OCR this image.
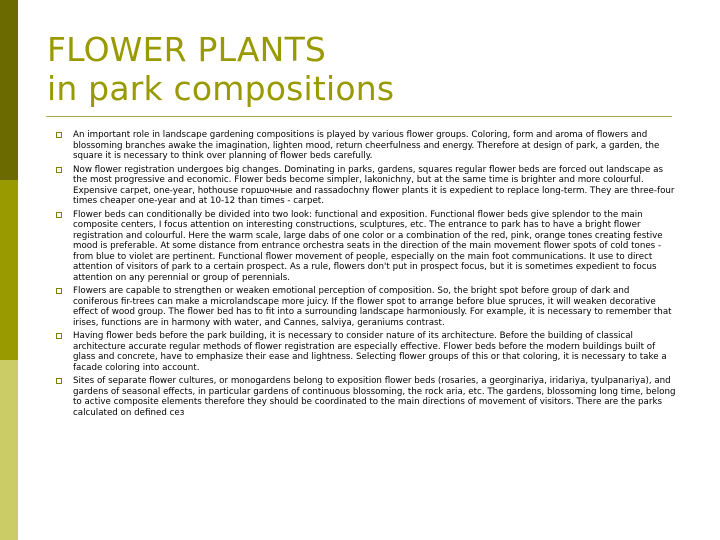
FLOWER PLANTS
in park compositions
An important role in landscape gardening compositions is played by various flower groups. Coloring, form and aroma of flowers and blossoming branches awake the imagination, lighten mood, return cheerfulness and energy. Therefore at design of park, a garden, the square it is necessary to think over planning of flower beds carefully.
Now flower registration undergoes big changes. Dominating in parks, gardens, squares regular flower beds are forced out landscape as the most progressive and economic. Flower beds become simpler, lakonichny, but at the same time is brighter and more colourful. Expensive carpet, one-year, hothouse горшочные and rassadochny flower plants it is expedient to replace long-term. They are three-four times cheaper one-year and at 10-12 than times - carpet.
Flower beds can conditionally be divided into two look: functional and exposition. Functional flower beds give splendor to the main composite centers, I focus attention on interesting constructions, sculptures, etc. The entrance to park has to have a bright flower registration and colourful. Here the warm scale, large dabs of one color or a combination of the red, pink, orange tones creating festive mood is preferable. At some distance from entrance orchestra seats in the direction of the main movement flower spots of cold tones - from blue to violet are pertinent. Functional flower movement of people, especially on the main foot communications. It use to direct attention of visitors of park to a certain prospect. As a rule, flowers don't put in prospect focus, but it is sometimes expedient to focus attention on any perennial or group of perennials.
Flowers are capable to strengthen or weaken emotional perception of composition. So, the bright spot before group of dark and coniferous fir-trees can make a microlandscape more juicy. If the flower spot to arrange before blue spruces, it will weaken decorative effect of wood group. The flower bed has to fit into a surrounding landscape harmoniously. For example, it is necessary to remember that irises, functions are in harmony with water, and Cannes, salviya, geraniums contrast.
Having flower beds before the park building, it is necessary to consider nature of its architecture. Before the building of classical architecture accurate regular methods of flower registration are especially effective. Flower beds before the modern buildings built of glass and concrete, have to emphasize their ease and lightness. Selecting flower groups of this or that coloring, it is necessary to take a facade coloring into account.
Sites of separate flower cultures, or monogardens belong to exposition flower beds (rosaries, a georginariya, iridariya, tyulpanariya), and gardens of seasonal effects, in particular gardens of continuous blossoming, the rock aria, etc. The gardens, blossoming long time, belong to active composite elements therefore they should be coordinated to the main directions of movement of visitors. There are the parks calculated on defined сез
